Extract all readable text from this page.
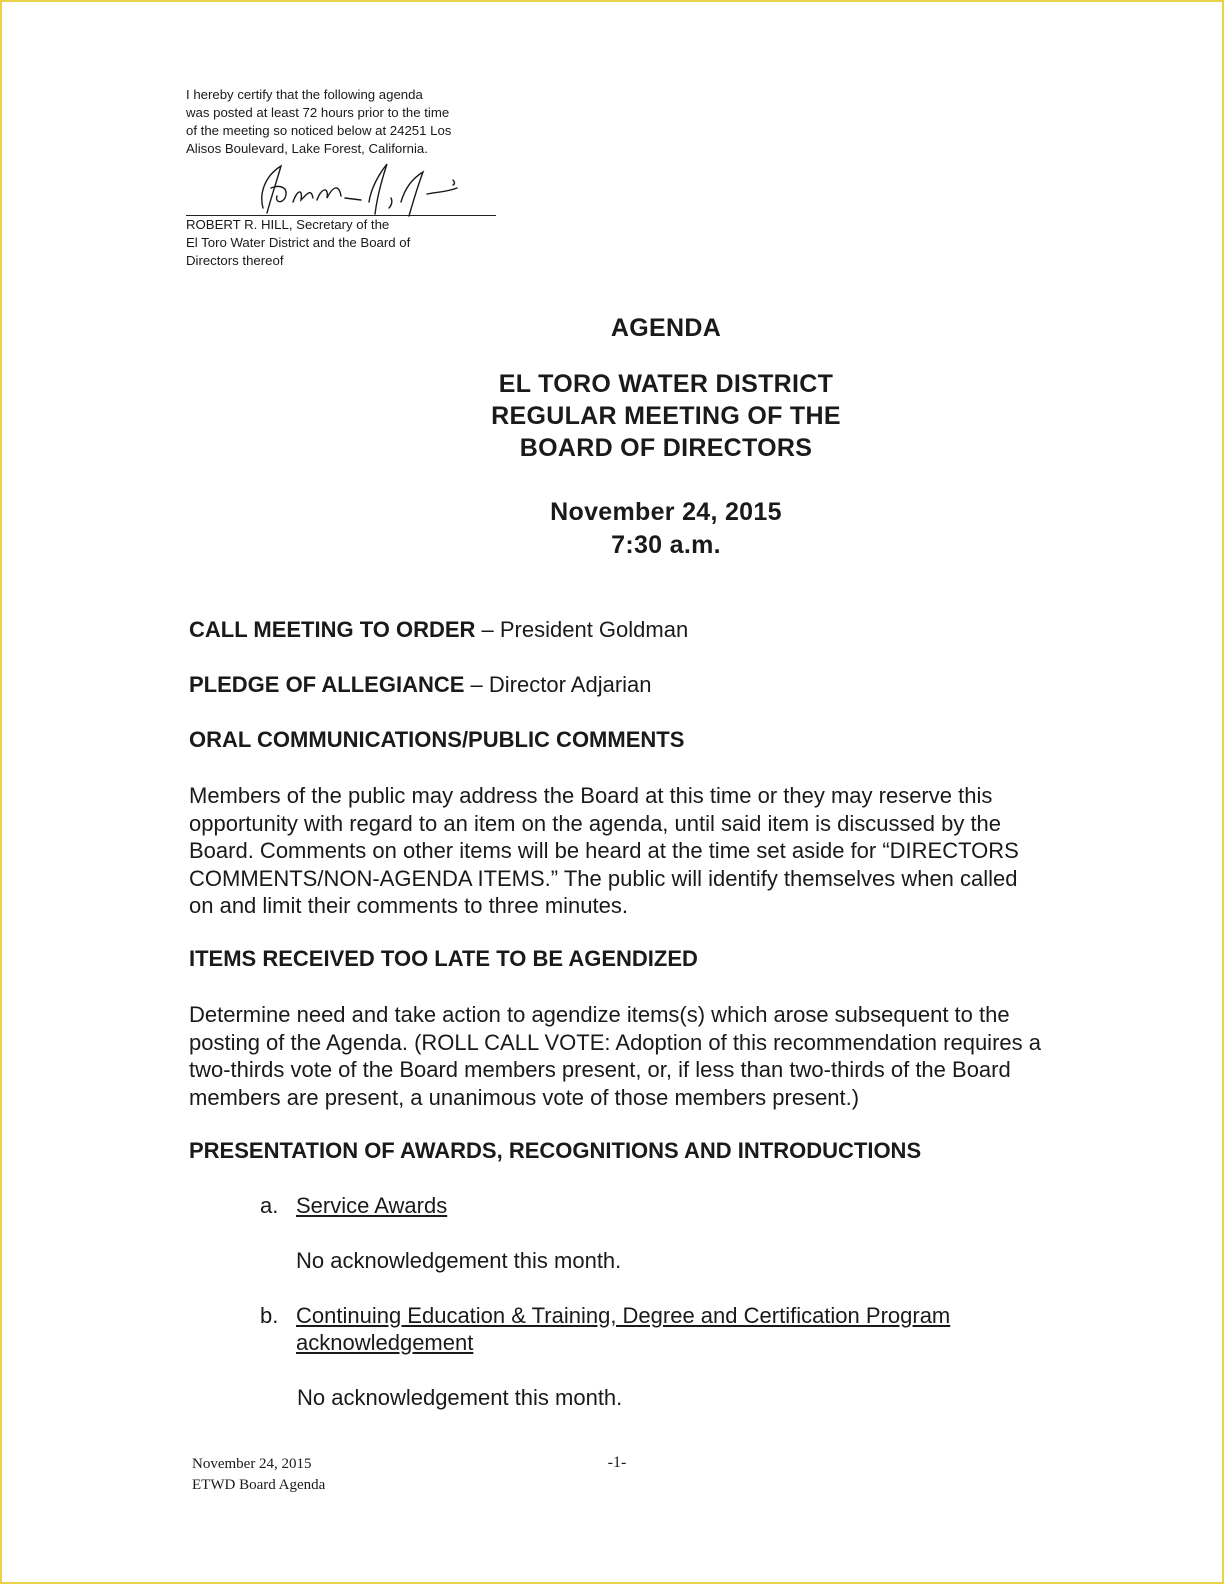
I hereby certify that the following agenda
was posted at least 72 hours prior to the time
of the meeting so noticed below at 24251 Los
Alisos Boulevard, Lake Forest, California.
ROBERT R. HILL, Secretary of the
El Toro Water District and the Board of
Directors thereof
AGENDA
EL TORO WATER DISTRICT
REGULAR MEETING OF THE
BOARD OF DIRECTORS
November 24, 2015
7:30 a.m.
CALL MEETING TO ORDER – President Goldman
PLEDGE OF ALLEGIANCE – Director Adjarian
ORAL COMMUNICATIONS/PUBLIC COMMENTS
Members of the public may address the Board at this time or they may reserve this
opportunity with regard to an item on the agenda, until said item is discussed by the
Board. Comments on other items will be heard at the time set aside for “DIRECTORS
COMMENTS/NON-AGENDA ITEMS.” The public will identify themselves when called
on and limit their comments to three minutes.
ITEMS RECEIVED TOO LATE TO BE AGENDIZED
Determine need and take action to agendize items(s) which arose subsequent to the
posting of the Agenda. (ROLL CALL VOTE: Adoption of this recommendation requires a
two-thirds vote of the Board members present, or, if less than two-thirds of the Board
members are present, a unanimous vote of those members present.)
PRESENTATION OF AWARDS, RECOGNITIONS AND INTRODUCTIONS
a. Service Awards
No acknowledgement this month.
b. Continuing Education & Training, Degree and Certification Program
acknowledgement
No acknowledgement this month.
November 24, 2015
ETWD Board Agenda
-1-
